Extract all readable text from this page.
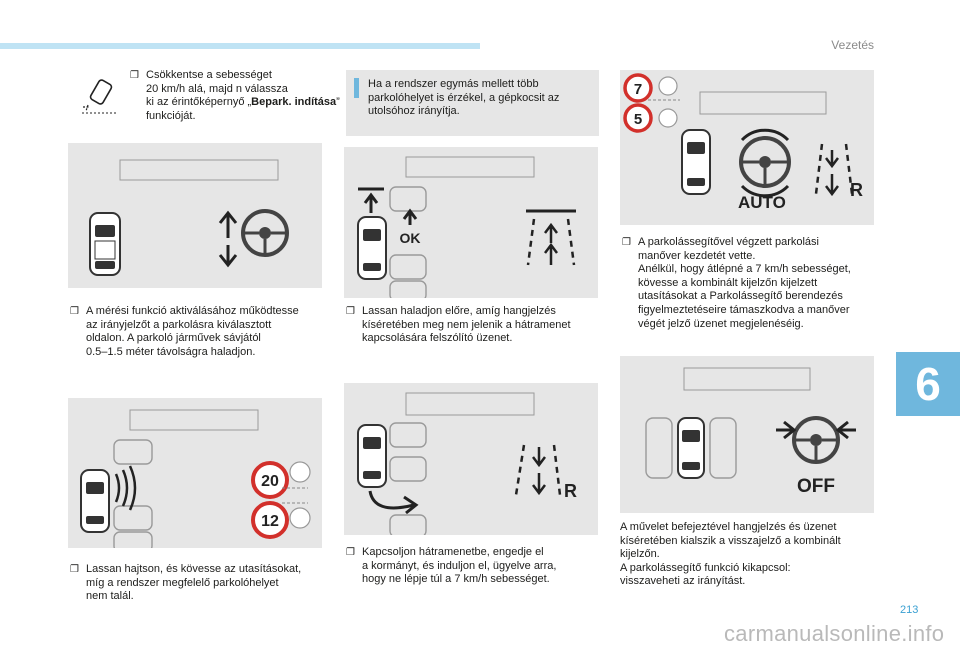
Vezetés
6
213
carmanualsonline.info
❐ Csökkentse a sebességet
20 km/h alá, majd n válassza
ki az érintőképernyő „Bepark. indítása” funkcióját.
❐ A mérési funkció aktiválásához működtesse
az irányjelzőt a parkolásra kiválasztott
oldalon. A parkoló járművek sávjától
0.5–1.5 méter távolságra haladjon.
20
12
❐ Lassan hajtson, és kövesse az utasításokat,
míg a rendszer megfelelő parkolóhelyet
nem talál.
Ha a rendszer egymás mellett több
parkolóhelyet is érzékel, a gépkocsit az
utolsóhoz irányítja.
OK
❐ Lassan haladjon előre, amíg hangjelzés
kíséretében meg nem jelenik a hátramenet
kapcsolására felszólító üzenet.
R
❐ Kapcsoljon hátramenetbe, engedje el
a kormányt, és induljon el, ügyelve arra,
hogy ne lépje túl a 7 km/h sebességet.
7
5
AUTO
R
❐ A parkolássegítővel végzett parkolási
manőver kezdetét vette.
Anélkül, hogy átlépné a 7 km/h sebességet,
kövesse a kombinált kijelzőn kijelzett
utasításokat a Parkolássegítő berendezés
figyelmeztetéseire támaszkodva a manőver
végét jelző üzenet megjelenéséig.
OFF
A művelet befejeztével hangjelzés és üzenet
kíséretében kialszik a visszajelző a kombinált
kijelzőn.
A parkolássegítő funkció kikapcsol:
visszaveheti az irányítást.
